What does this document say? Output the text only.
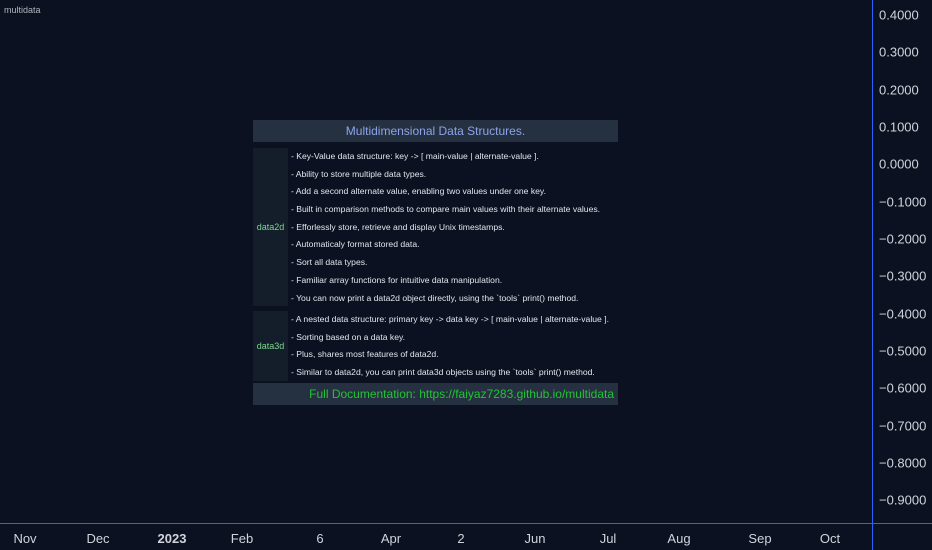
multidata
Multidimensional Data Structures.
data2d
- Key-Value data structure: key -> [ main-value | alternate-value ].
- Ability to store multiple data types.
- Add a second alternate value, enabling two values under one key.
- Built in comparison methods to compare main values with their alternate values.
- Efforlessly store, retrieve and display Unix timestamps.
- Automaticaly format stored data.
- Sort all data types.
- Familiar array functions for intuitive data manipulation.
- You can now print a data2d object directly, using the `tools` print() method.
data3d
- A nested data structure: primary key -> data key -> [ main-value | alternate-value ].
- Sorting based on a data key.
- Plus, shares most features of data2d.
- Similar to data2d, you can print data3d objects using the `tools` print() method.
Full Documentation: https://faiyaz7283.github.io/multidata
0.4000
0.3000
0.2000
0.1000
0.0000
−0.1000
−0.2000
−0.3000
−0.4000
−0.5000
−0.6000
−0.7000
−0.8000
−0.9000
Nov	Dec	2023	Feb	6	Apr	2	Jun	Jul	Aug	Sep	Oct
